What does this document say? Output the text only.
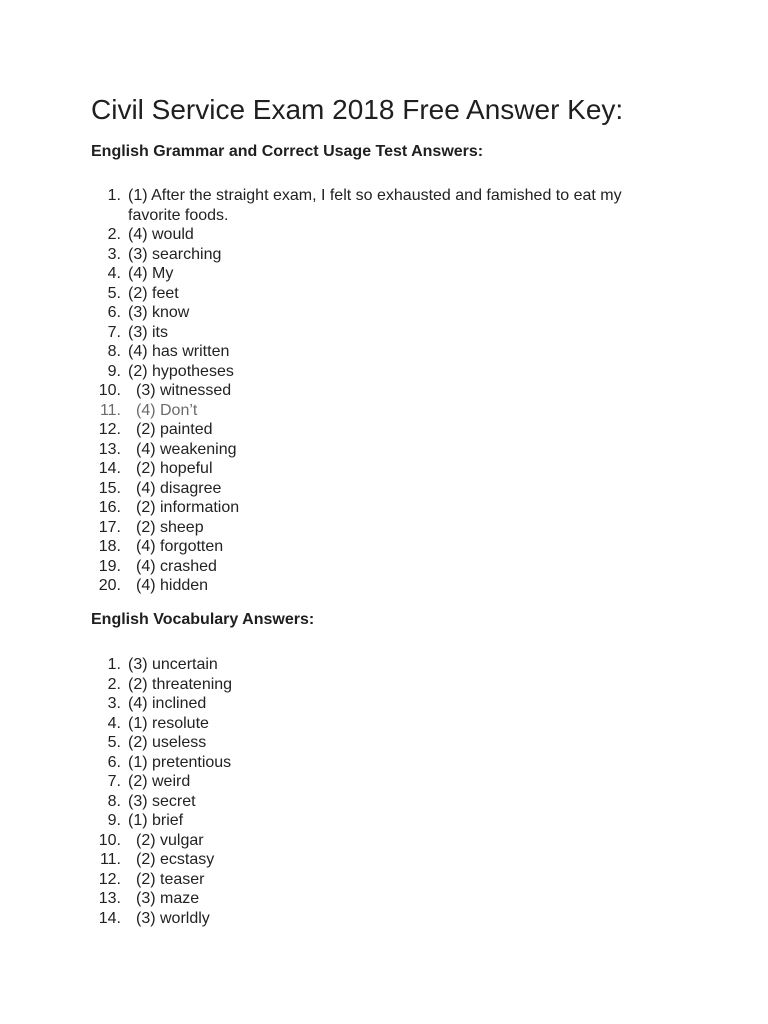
Civil Service Exam 2018 Free Answer Key:
English Grammar and Correct Usage Test Answers:
1. (1) After the straight exam, I felt so exhausted and famished to eat my favorite foods.
2. (4) would
3. (3) searching
4. (4) My
5. (2) feet
6. (3) know
7. (3) its
8. (4) has written
9. (2) hypotheses
10. (3) witnessed
11. (4) Don’t
12. (2) painted
13. (4) weakening
14. (2) hopeful
15. (4) disagree
16. (2) information
17. (2) sheep
18. (4) forgotten
19. (4) crashed
20. (4) hidden
English Vocabulary Answers:
1. (3) uncertain
2. (2) threatening
3. (4) inclined
4. (1) resolute
5. (2) useless
6. (1) pretentious
7. (2) weird
8. (3) secret
9. (1) brief
10. (2) vulgar
11. (2) ecstasy
12. (2) teaser
13. (3) maze
14. (3) worldly
